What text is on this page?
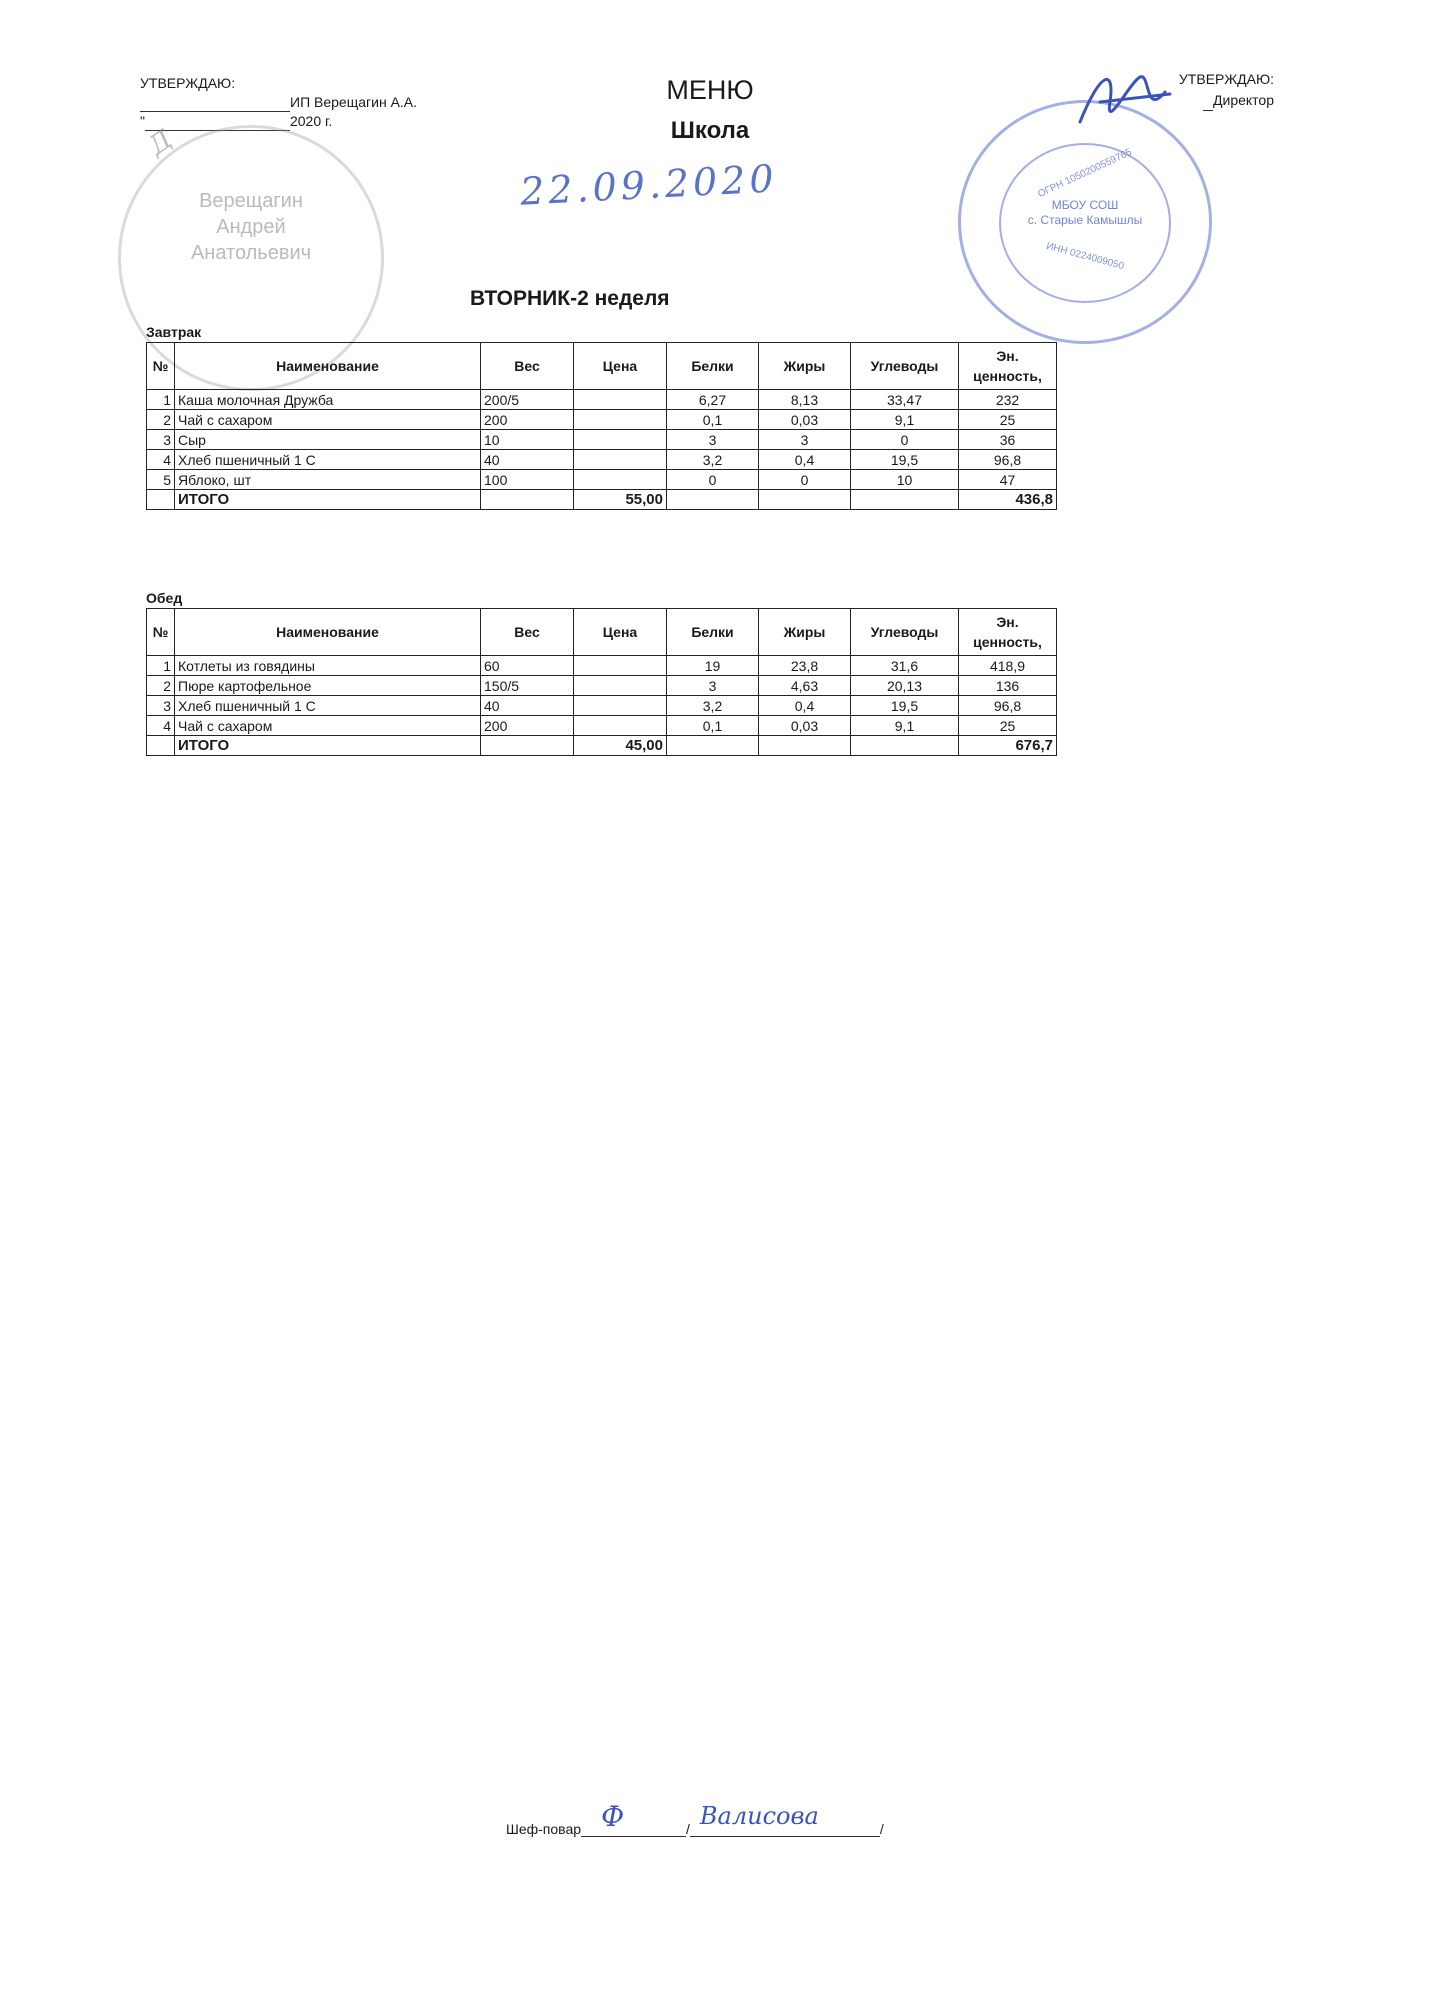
УТВЕРЖДАЮ:
ИП Верещагин А.А.
"	2020 г.
Верещагин Андрей Анатольевич
Д
МЕНЮ
Школа
22.09.2020	ОГРН 1050200559765
МБОУ СОШ
с. Старые Камышлы
ИНН 0224009050
УТВЕРЖДАЮ:
Директор
ВТОРНИК-2 неделя
Завтрак
№	Наименование	Вес	Цена	Белки	Жиры	Углеводы	Эн. ценность,
1	Каша молочная Дружба	200/5		6,27	8,13	33,47	232
2	Чай с сахаром	200		0,1	0,03	9,1	25
3	Сыр	10		3	3	0	36
4	Хлеб пшеничный 1 С	40		3,2	0,4	19,5	96,8
5	Яблоко, шт	100		0	0	10	47
	ИТОГО		55,00				436,8
Обед
№	Наименование	Вес	Цена	Белки	Жиры	Углеводы	Эн. ценность,
1	Котлеты из говядины	60		19	23,8	31,6	418,9
2	Пюре картофельное	150/5		3	4,63	20,13	136
3	Хлеб пшеничный 1 С	40		3,2	0,4	19,5	96,8
4	Чай с сахаром	200		0,1	0,03	9,1	25
	ИТОГО		45,00				676,7
Шеф-повар Ф	/ Валисова	/
